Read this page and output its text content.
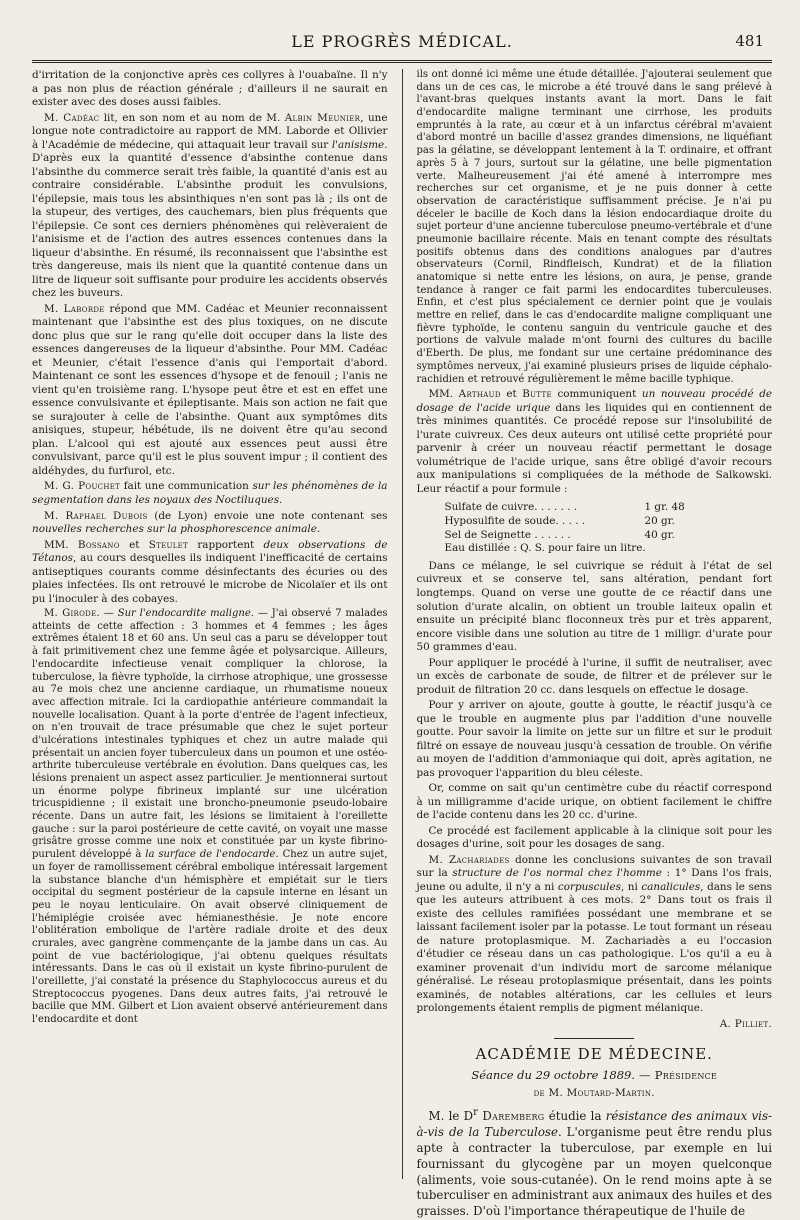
LE PROGRÈS MÉDICAL.	481

d'irritation de la conjonctive après ces collyres à l'ouabaïne. Il n'y a pas non plus de réaction générale ; d'ailleurs il ne saurait en exister avec des doses aussi faibles.

M. Cadéac lit, en son nom et au nom de M. Albin Meunier, une longue note contradictoire au rapport de MM. Laborde et Ollivier à l'Académie de médecine, qui attaquait leur travail sur l'anisisme. D'après eux la quantité d'essence d'absinthe contenue dans l'absinthe du commerce serait très faible, la quantité d'anis est au contraire considérable. L'absinthe produit les convulsions, l'épilepsie, mais tous les absinthiques n'en sont pas là ; ils ont de la stupeur, des vertiges, des cauchemars, bien plus fréquents que l'épilepsie. Ce sont ces derniers phénomènes qui relèveraient de l'anisisme et de l'action des autres essences contenues dans la liqueur d'absinthe. En résumé, ils reconnaissent que l'absinthe est très dangereuse, mais ils nient que la quantité contenue dans un litre de liqueur soit suffisante pour produire les accidents observés chez les buveurs.

M. Laborde répond que MM. Cadéac et Meunier reconnaissent maintenant que l'absinthe est des plus toxiques, on ne discute donc plus que sur le rang qu'elle doit occuper dans la liste des essences dangereuses de la liqueur d'absinthe. Pour MM. Cadéac et Meunier, c'était l'essence d'anis qui l'emportait d'abord. Maintenant ce sont les essences d'hysope et de fenouil ; l'anis ne vient qu'en troisième rang. L'hysope peut être et est en effet une essence convulsivante et épileptisante. Mais son action ne fait que se surajouter à celle de l'absinthe. Quant aux symptômes dits anisiques, stupeur, hébétude, ils ne doivent être qu'au second plan. L'alcool qui est ajouté aux essences peut aussi être convulsivant, parce qu'il est le plus souvent impur ; il contient des aldéhydes, du furfurol, etc.

M. G. Pouchet fait une communication sur les phénomènes de la segmentation dans les noyaux des Noctiluques.

M. Raphael Dubois (de Lyon) envoie une note contenant ses nouvelles recherches sur la phosphorescence animale.

MM. Bossano et Steulet rapportent deux observations de Tétanos, au cours desquelles ils indiquent l'inefficacité de certains antiseptiques courants comme désinfectants des écuries ou des plaies infectées. Ils ont retrouvé le microbe de Nicolaïer et ils ont pu l'inoculer à des cobayes.

M. Girode. — Sur l'endocardite maligne. — J'ai observé 7 malades atteints de cette affection : 3 hommes et 4 femmes ; les âges extrêmes étaient 18 et 60 ans. Un seul cas a paru se développer tout à fait primitivement chez une femme âgée et polysarcique. Ailleurs, l'endocardite infectieuse venait compliquer la chlorose, la tuberculose, la fièvre typhoïde, la cirrhose atrophique, une grossesse au 7e mois chez une ancienne cardiaque, un rhumatisme noueux avec affection mitrale. Ici la cardiopathie antérieure commandait la nouvelle localisation. Quant à la porte d'entrée de l'agent infectieux, on n'en trouvait de trace présumable que chez le sujet porteur d'ulcérations intestinales typhiques et chez un autre malade qui présentait un ancien foyer tuberculeux dans un poumon et une ostéo-arthrite tuberculeuse vertébrale en évolution. Dans quelques cas, les lésions prenaient un aspect assez particulier. Je mentionnerai surtout un énorme polype fibrineux implanté sur une ulcération tricuspidienne ; il existait une broncho-pneumonie pseudo-lobaire récente. Dans un autre fait, les lésions se limitaient à l'oreillette gauche : sur la paroi postérieure de cette cavité, on voyait une masse grisâtre grosse comme une noix et constituée par un kyste fibrino-purulent développé à la surface de l'endocarde. Chez un autre sujet, un foyer de ramollissement cérébral embolique intéressait largement la substance blanche d'un hémisphère et empiétait sur le tiers occipital du segment postérieur de la capsule interne en lésant un peu le noyau lenticulaire. On avait observé cliniquement de l'hémiplégie croisée avec hémianesthésie. Je note encore l'oblitération embolique de l'artère radiale droite et des deux crurales, avec gangrène commençante de la jambe dans un cas. Au point de vue bactériologique, j'ai obtenu quelques résultats intéressants. Dans le cas où il existait un kyste fibrino-purulent de l'oreillette, j'ai constaté la présence du Staphylococcus aureus et du Streptococcus pyogenes. Dans deux autres faits, j'ai retrouvé le bacille que MM. Gilbert et Lion avaient observé antérieurement dans l'endocardite et dont

ils ont donné ici même une étude détaillée. J'ajouterai seulement que dans un de ces cas, le microbe a été trouvé dans le sang prélevé à l'avant-bras quelques instants avant la mort. Dans le fait d'endocardite maligne terminant une cirrhose, les produits empruntés à la rate, au cœur et à un infarctus cérébral m'avaient d'abord montré un bacille d'assez grandes dimensions, ne liquéfiant pas la gélatine, se développant lentement à la T. ordinaire, et offrant après 5 à 7 jours, surtout sur la gélatine, une belle pigmentation verte. Malheureusement j'ai été amené à interrompre mes recherches sur cet organisme, et je ne puis donner à cette observation de caractéristique suffisamment précise. Je n'ai pu déceler le bacille de Koch dans la lésion endocardiaque droite du sujet porteur d'une ancienne tuberculose pneumo-vertébrale et d'une pneumonie bacillaire récente. Mais en tenant compte des résultats positifs obtenus dans des conditions analogues par d'autres observateurs (Cornil, Rindfleisch, Kundrat) et de la filiation anatomique si nette entre les lésions, on aura, je pense, grande tendance à ranger ce fait parmi les endocardites tuberculeuses. Enfin, et c'est plus spécialement ce dernier point que je voulais mettre en relief, dans le cas d'endocardite maligne compliquant une fièvre typhoïde, le contenu sanguin du ventricule gauche et des portions de valvule malade m'ont fourni des cultures du bacille d'Eberth. De plus, me fondant sur une certaine prédominance des symptômes nerveux, j'ai examiné plusieurs prises de liquide céphalo-rachidien et retrouvé régulièrement le même bacille typhique.

MM. Arthaud et Butte communiquent un nouveau procédé de dosage de l'acide urique dans les liquides qui en contiennent de très minimes quantités. Ce procédé repose sur l'insolubilité de l'urate cuivreux. Ces deux auteurs ont utilisé cette propriété pour parvenir à créer un nouveau réactif permettant le dosage volumétrique de l'acide urique, sans être obligé d'avoir recours aux manipulations si compliquées de la méthode de Salkowski. Leur réactif a pour formule :

Sulfate de cuivre. . . . . . .	1 gr. 48
Hyposulfite de soude. . . . .	20 gr.
Sel de Seignette . . . . . .	40 gr.
Eau distillée : Q. S. pour faire un litre.

Dans ce mélange, le sel cuivrique se réduit à l'état de sel cuivreux et se conserve tel, sans altération, pendant fort longtemps. Quand on verse une goutte de ce réactif dans une solution d'urate alcalin, on obtient un trouble laiteux opalin et ensuite un précipité blanc floconneux très pur et très apparent, encore visible dans une solution au titre de 1 milligr. d'urate pour 50 grammes d'eau.

Pour appliquer le procédé à l'urine, il suffit de neutraliser, avec un excès de carbonate de soude, de filtrer et de prélever sur le produit de filtration 20 cc. dans lesquels on effectue le dosage.

Pour y arriver on ajoute, goutte à goutte, le réactif jusqu'à ce que le trouble en augmente plus par l'addition d'une nouvelle goutte. Pour savoir la limite on jette sur un filtre et sur le produit filtré on essaye de nouveau jusqu'à cessation de trouble. On vérifie au moyen de l'addition d'ammoniaque qui doit, après agitation, ne pas provoquer l'apparition du bleu céleste.

Or, comme on sait qu'un centimètre cube du réactif correspond à un milligramme d'acide urique, on obtient facilement le chiffre de l'acide contenu dans les 20 cc. d'urine.

Ce procédé est facilement applicable à la clinique soit pour les dosages d'urine, soit pour les dosages de sang.

M. Zachariades donne les conclusions suivantes de son travail sur la structure de l'os normal chez l'homme : 1° Dans l'os frais, jeune ou adulte, il n'y a ni corpuscules, ni canalicules, dans le sens que les auteurs attribuent à ces mots. 2° Dans tout os frais il existe des cellules ramifiées possédant une membrane et se laissant facilement isoler par la potasse. Le tout formant un réseau de nature protoplasmique. M. Zachariadès a eu l'occasion d'étudier ce réseau dans un cas pathologique. L'os qu'il a eu à examiner provenait d'un individu mort de sarcome mélanique généralisé. Le réseau protoplasmique présentait, dans les points examinés, de notables altérations, car les cellules et leurs prolongements étaient remplis de pigment mélanique.

A. Pilliet.
ACADÉMIE DE MÉDECINE.
Séance du 29 octobre 1889. — Présidence
de M. Moutard-Martin.

M. le $D^r$ Daremberg étudie la résistance des animaux vis-à-vis de la Tuberculose. L'organisme peut être rendu plus apte à contracter la tuberculose, par exemple en lui fournissant du glycogène par un moyen quelconque (aliments, voie sous-cutanée). On le rend moins apte à se tuberculiser en administrant aux animaux des huiles et des graisses. D'où l'importance thérapeutique de l'huile de
